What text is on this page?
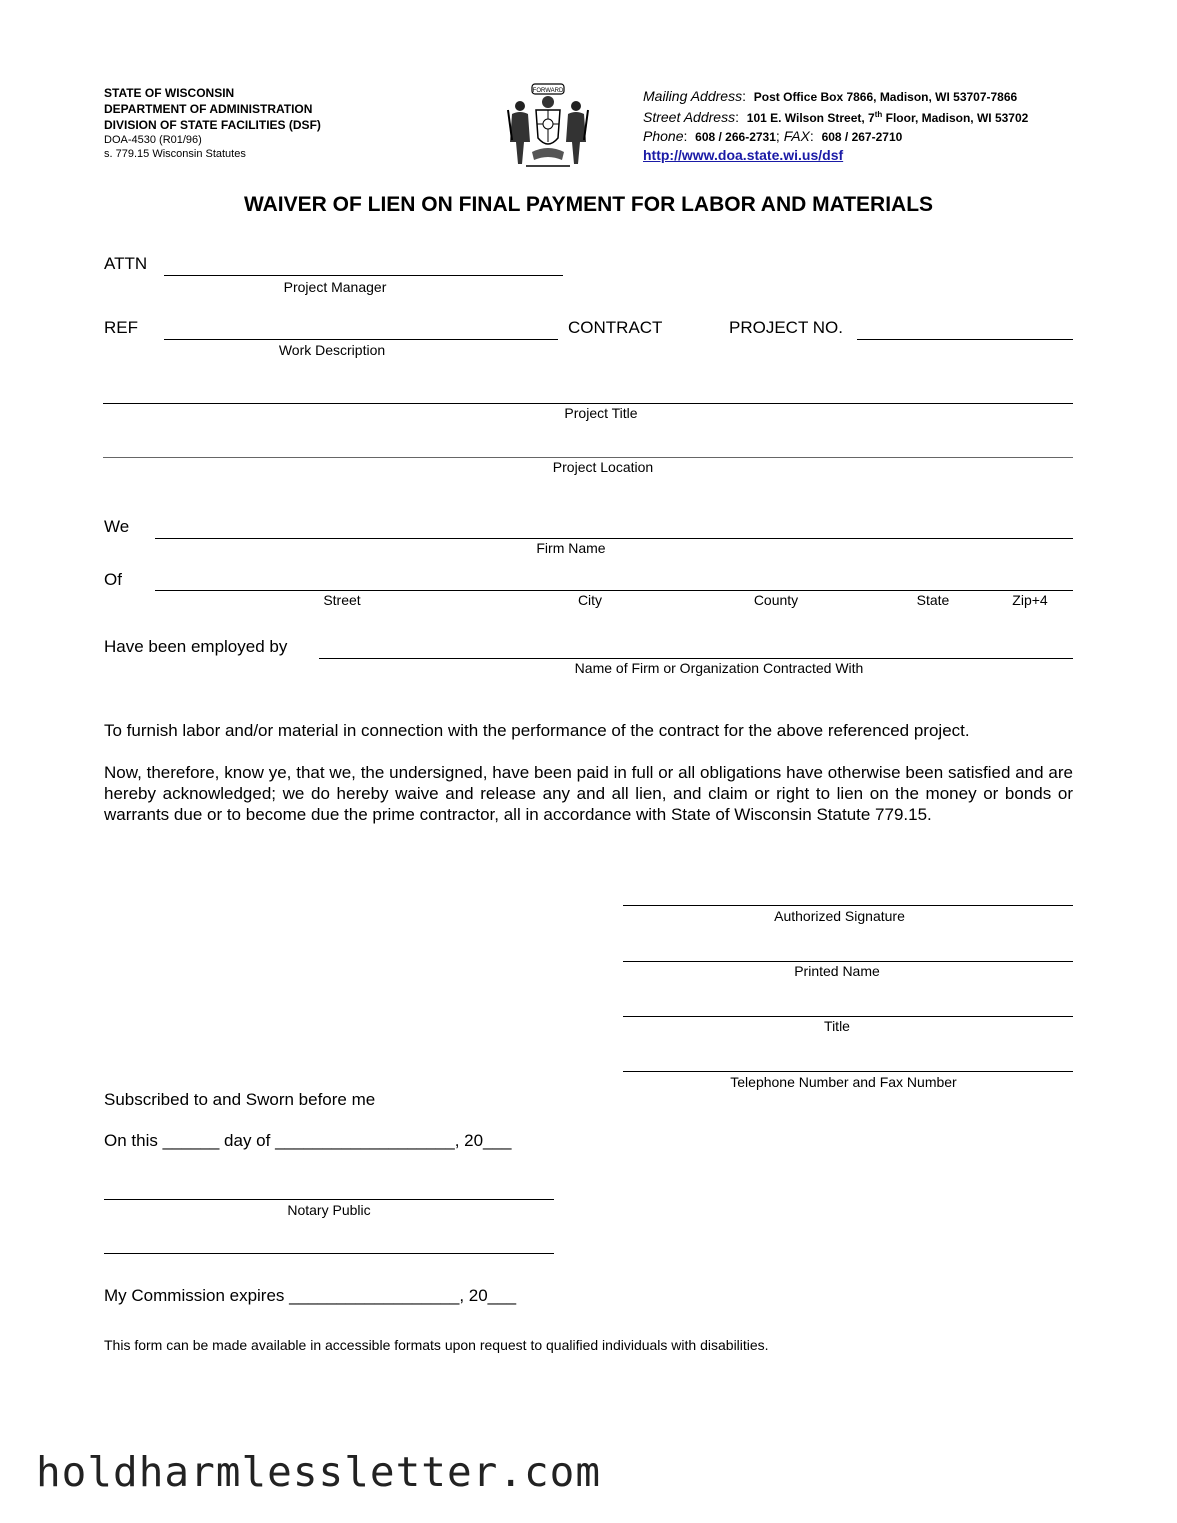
STATE OF WISCONSIN
DEPARTMENT OF ADMINISTRATION
DIVISION OF STATE FACILITIES (DSF)
DOA-4530 (R01/96)
s. 779.15 Wisconsin Statutes
FORWARD	Mailing Address:  Post Office Box 7866, Madison, WI 53707-7866
Street Address:  101 E. Wilson Street, 7th Floor, Madison, WI 53702
Phone:  608 / 266-2731; FAX:  608 / 267-2710
http://www.doa.state.wi.us/dsf
WAIVER OF LIEN ON FINAL PAYMENT FOR LABOR AND MATERIALS
ATTN
Project Manager
REF
Work Description
CONTRACT	PROJECT NO.
Project Title
Project Location
We
Firm Name
Of
Street	City	County	State	Zip+4
Have been employed by
Name of Firm or Organization Contracted With
To furnish labor and/or material in connection with the performance of the contract for the above referenced project.
Now, therefore, know ye, that we, the undersigned, have been paid in full or all obligations have otherwise been satisfied and are hereby acknowledged; we do hereby waive and release any and all lien, and claim or right to lien on the money or bonds or warrants due or to become due the prime contractor, all in accordance with State of Wisconsin Statute 779.15.
Authorized Signature
Printed Name
Title
Telephone Number and Fax Number
Subscribed to and Sworn before me
On this ______ day of ___________________, 20___
Notary Public
My Commission expires __________________, 20___
This form can be made available in accessible formats upon request to qualified individuals with disabilities.
holdharmlessletter.com
